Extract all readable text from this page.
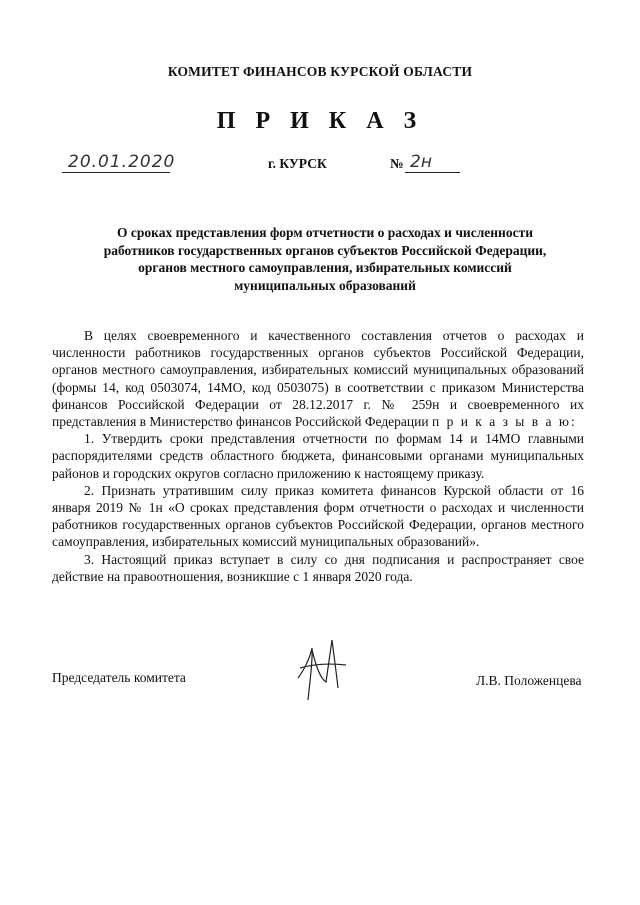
КОМИТЕТ ФИНАНСОВ КУРСКОЙ ОБЛАСТИ
П Р И К А З
20.01.2020	г. КУРСК	№ 2н
О сроках представления форм отчетности о расходах и численности
работников государственных органов субъектов Российской Федерации,
органов местного самоуправления, избирательных комиссий
муниципальных образований

В целях своевременного и качественного составления отчетов о расходах и численности работников государственных органов субъектов Российской Федерации, органов местного самоуправления, избирательных комиссий муниципальных образований (формы 14, код 0503074, 14МО, код 0503075) в соответствии с приказом Министерства финансов Российской Федерации от 28.12.2017 г. № 259н и своевременного их представления в Министерство финансов Российской Федерации п р и к а з ы в а ю:

1. Утвердить сроки представления отчетности по формам 14 и 14МО главными распорядителями средств областного бюджета, финансовыми органами муниципальных районов и городских округов согласно приложению к настоящему приказу.

2. Признать утратившим силу приказ комитета финансов Курской области от 16 января 2019 № 1н «О сроках представления форм отчетности о расходах и численности работников государственных органов субъектов Российской Федерации, органов местного самоуправления, избирательных комиссий муниципальных образований».

3. Настоящий приказ вступает в силу со дня подписания и распространяет свое действие на правоотношения, возникшие с 1 января 2020 года.

Председатель комитета	Л.В. Положенцева
